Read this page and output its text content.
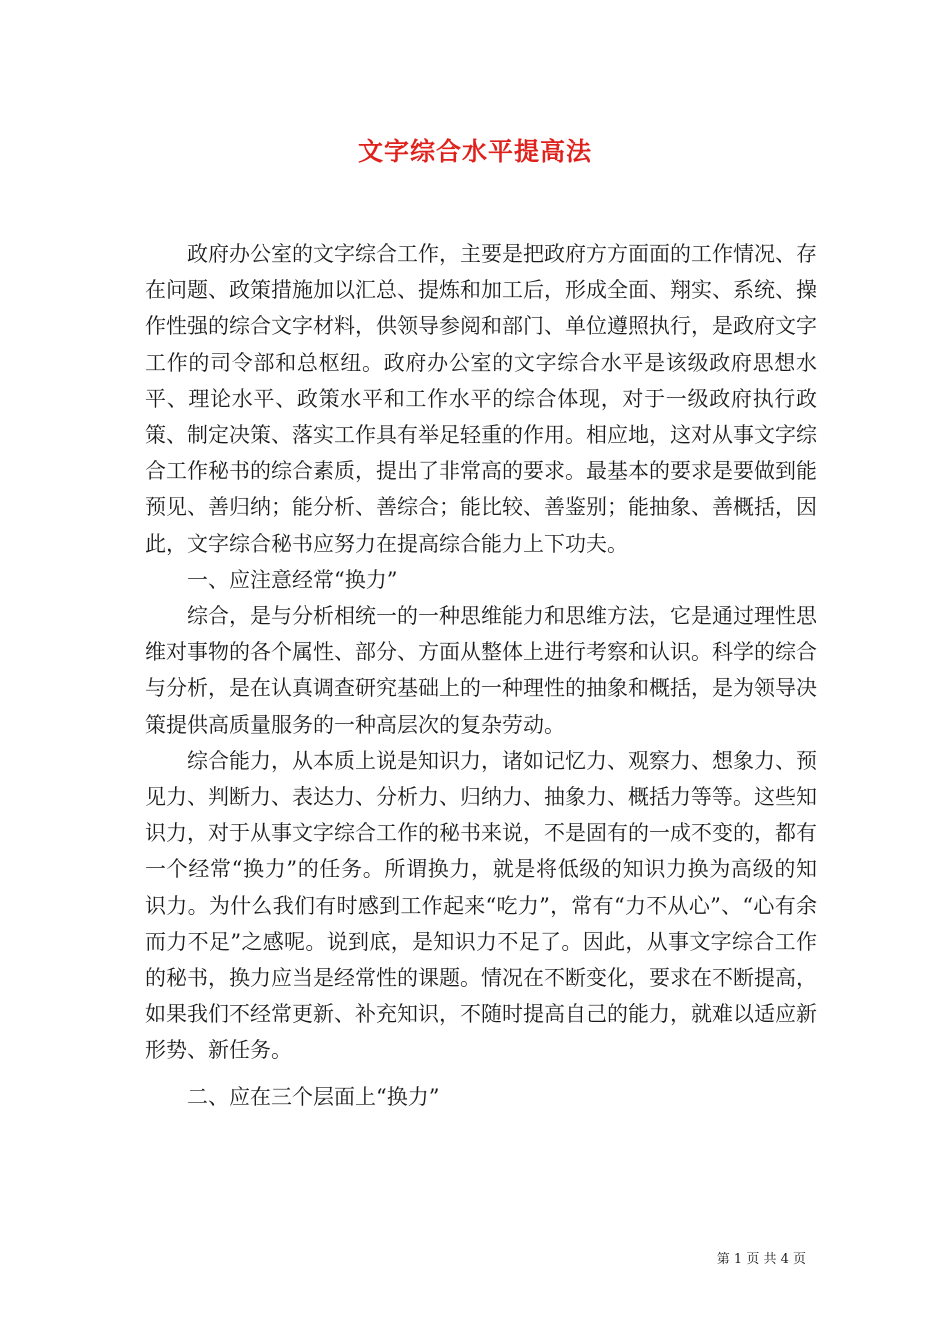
文字综合水平提高法

政府办公室的文字综合工作，主要是把政府方方面面的工作情况、存在问题、政策措施加以汇总、提炼和加工后，形成全面、翔实、系统、操作性强的综合文字材料，供领导参阅和部门、单位遵照执行，是政府文字工作的司令部和总枢纽。政府办公室的文字综合水平是该级政府思想水平、理论水平、政策水平和工作水平的综合体现，对于一级政府执行政策、制定决策、落实工作具有举足轻重的作用。相应地，这对从事文字综合工作秘书的综合素质，提出了非常高的要求。最基本的要求是要做到能预见、善归纳；能分析、善综合；能比较、善鉴别；能抽象、善概括，因此，文字综合秘书应努力在提高综合能力上下功夫。

一、应注意经常“换力”

综合，是与分析相统一的一种思维能力和思维方法，它是通过理性思维对事物的各个属性、部分、方面从整体上进行考察和认识。科学的综合与分析，是在认真调查研究基础上的一种理性的抽象和概括，是为领导决策提供高质量服务的一种高层次的复杂劳动。

综合能力，从本质上说是知识力，诸如记忆力、观察力、想象力、预见力、判断力、表达力、分析力、归纳力、抽象力、概括力等等。这些知识力，对于从事文字综合工作的秘书来说，不是固有的一成不变的，都有一个经常“换力”的任务。所谓换力，就是将低级的知识力换为高级的知识力。为什么我们有时感到工作起来“吃力”，常有“力不从心”、“心有余而力不足”之感呢。说到底，是知识力不足了。因此，从事文字综合工作的秘书，换力应当是经常性的课题。情况在不断变化，要求在不断提高，如果我们不经常更新、补充知识，不随时提高自己的能力，就难以适应新形势、新任务。

二、应在三个层面上“换力”

第 1 页 共 4 页
